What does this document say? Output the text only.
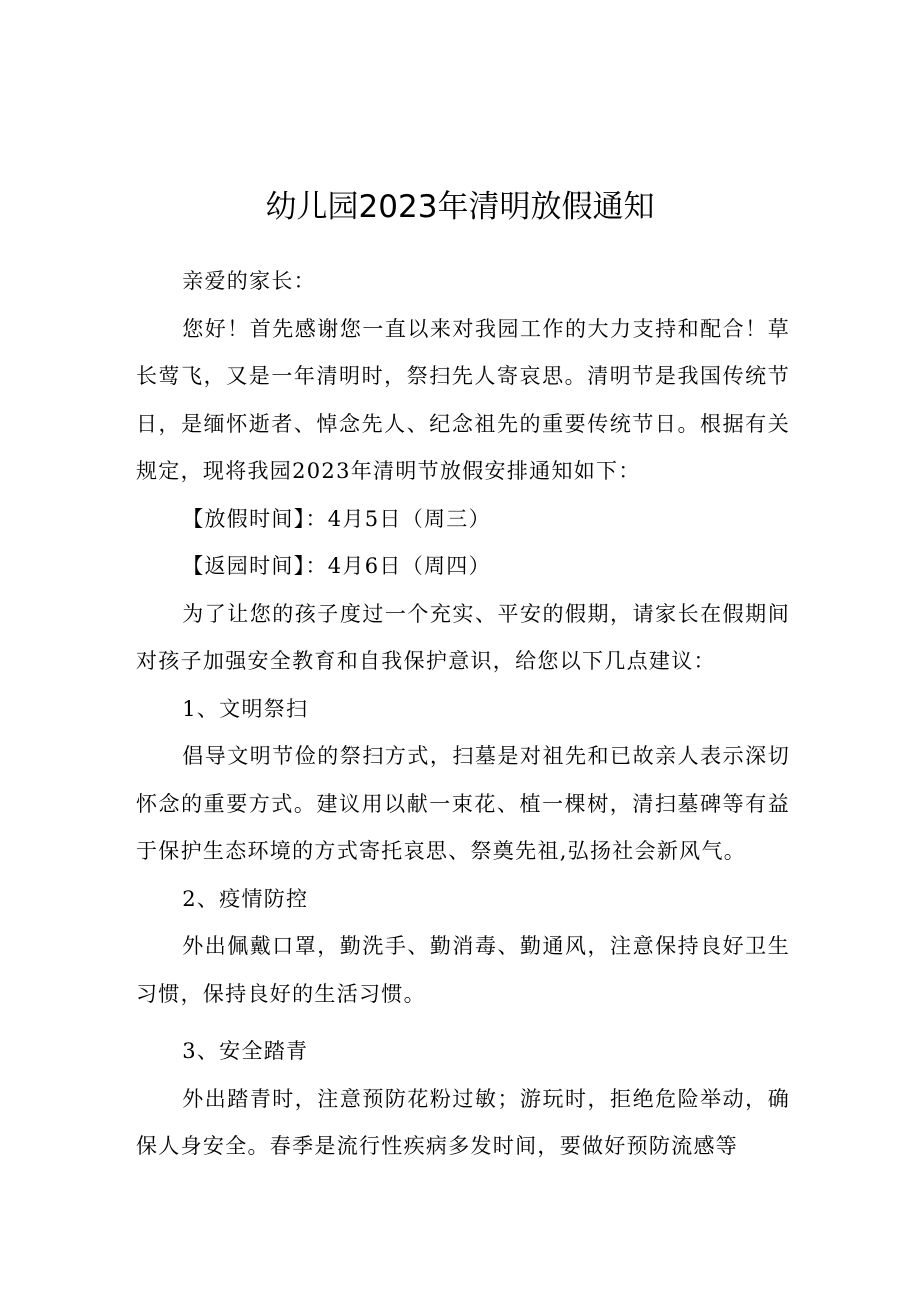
幼儿园2023年清明放假通知

亲爱的家长：

您好！首先感谢您一直以来对我园工作的大力支持和配合！草长莺飞，又是一年清明时，祭扫先人寄哀思。清明节是我国传统节日，是缅怀逝者、悼念先人、纪念祖先的重要传统节日。根据有关规定，现将我园2023年清明节放假安排通知如下：

【放假时间】：4月5日（周三）

【返园时间】：4月6日（周四）

为了让您的孩子度过一个充实、平安的假期，请家长在假期间对孩子加强安全教育和自我保护意识，给您以下几点建议：

1、文明祭扫

倡导文明节俭的祭扫方式，扫墓是对祖先和已故亲人表示深切怀念的重要方式。建议用以献一束花、植一棵树，清扫墓碑等有益于保护生态环境的方式寄托哀思、祭奠先祖,弘扬社会新风气。

2、疫情防控

外出佩戴口罩，勤洗手、勤消毒、勤通风，注意保持良好卫生习惯，保持良好的生活习惯。

3、安全踏青

外出踏青时，注意预防花粉过敏；游玩时，拒绝危险举动，确保人身安全。春季是流行性疾病多发时间，要做好预防流感等
